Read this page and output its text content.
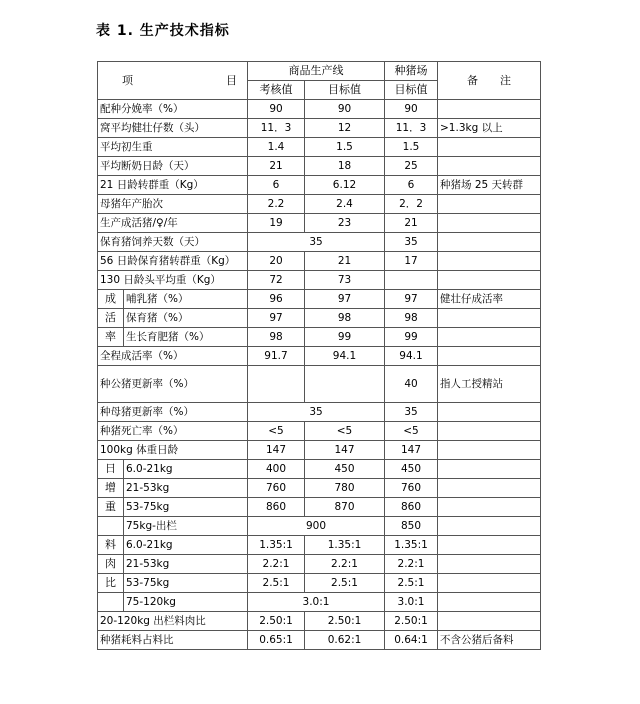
表 1. 生产技术指标
项 目		商品生产线		种猪场	备　　注
		考核值	目标值	目标值	
配种分娩率（%）		90	90	90	
窝平均健壮仔数（头）		11．3	12	11．3	>1.3kg 以上
平均初生重		1.4	1.5	1.5	
平均断奶日龄（天）		21	18	25	
21 日龄转群重（Kg）		6	6.12	6	种猪场 25 天转群
母猪年产胎次		2.2	2.4	2．2	
生产成活猪/♀/年		19	23	21	
保育猪饲养天数（天）		35		35	
56 日龄保育猪转群重（Kg）		20	21	17	
130 日龄头平均重（Kg）		72	73		
成	哺乳猪（%）	96	97	97	健壮仔成活率
活	保育猪（%）	97	98	98	
率	生长育肥猪（%）	98	99	99	
全程成活率（%）		91.7	94.1	94.1	
种公猪更新率（%）				40	指人工授精站
种母猪更新率（%）		35		35	
种猪死亡率（%）		<5	<5	<5	
100kg 体重日龄		147	147	147	
日	6.0-21kg	400	450	450	
增	21-53kg	760	780	760	
重	53-75kg	860	870	860	
	75kg-出栏	900		850	
料	6.0-21kg	1.35:1	1.35:1	1.35:1	
肉	21-53kg	2.2:1	2.2:1	2.2:1	
比	53-75kg	2.5:1	2.5:1	2.5:1	
	75-120kg	3.0:1		3.0:1	
20-120kg 出栏料肉比		2.50:1	2.50:1	2.50:1	
种猪耗料占料比		0.65:1	0.62:1	0.64:1	不含公猪后备料
